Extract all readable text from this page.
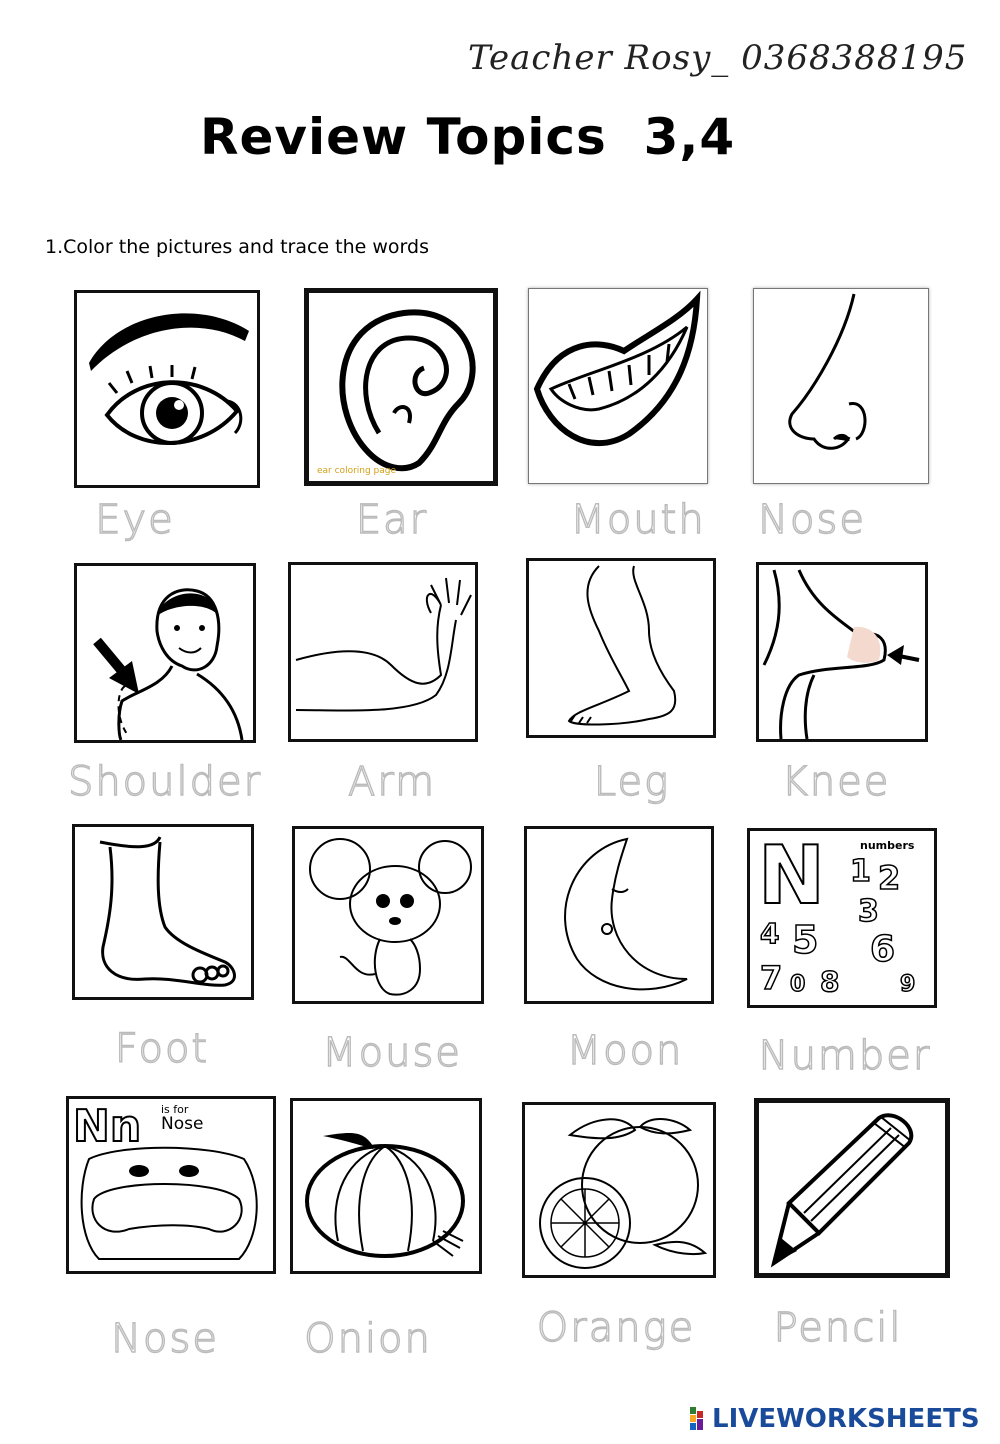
Teacher Rosy_ 0368388195
Review Topics  3,4
1.Color the pictures and trace the words
ear coloring page
Eye	Ear	Mouth Nose
Shoulder Arm	Leg	Knee
N	numbers
1 2
3
4 5 6
7 0 8	9
Foot	Mouse	Moon Number
Nn is for
Nose
Nose Onion	Orange Pencil
LIVEWORKSHEETS
